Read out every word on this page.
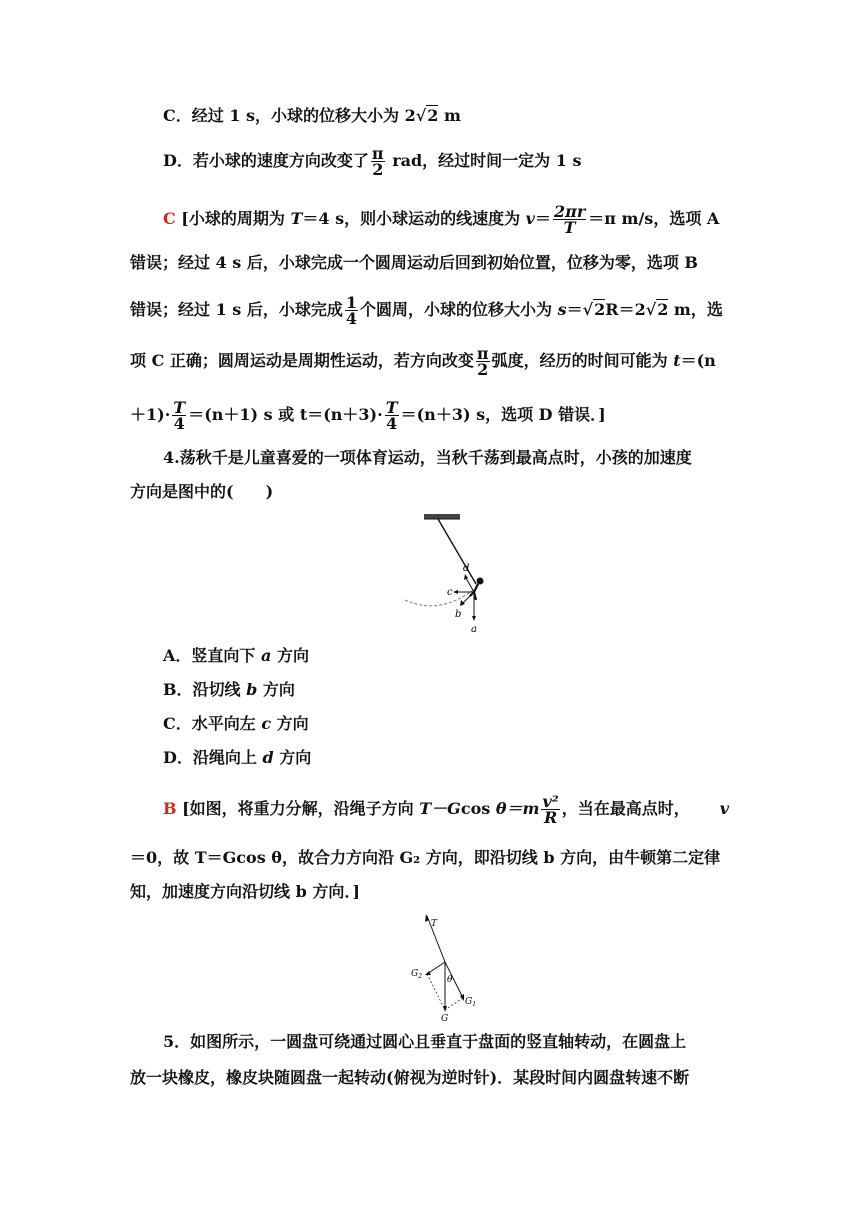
C．经过 1 s，小球的位移大小为 2√2 m
D．若小球的速度方向改变了 $\frac{\pi}{2}$ rad，经过时间一定为 1 s
C [小球的周期为 T＝4 s，则小球运动的线速度为 $v= \frac{2\pi r}{T} =\pi$ m/s，选项 A
错误；经过 4 s 后，小球完成一个圆周运动后回到初始位置，位移为零，选项 B
错误；经过 1 s 后，小球完成 $\frac{1}{4}$ 个圆周，小球的位移大小为 s＝√2R＝2√2 m，选
项 C 正确；圆周运动是周期性运动，若方向改变 $\frac{\pi}{2}$ 弧度，经历的时间可能为 t＝(n
$+1)\cdot \frac{T}{4} =(n+1)$ s 或 $t=(n+3)\cdot \frac{T}{4} =(n+3)$ s，选项 D 错误．]
4.荡秋千是儿童喜爱的一项体育运动，当秋千荡到最高点时，小孩的加速度
方向是图中的(　　)
d
c
b
a
A．竖直向下 a 方向
B．沿切线 b 方向
C．水平向左 c 方向
D．沿绳向上 d 方向
B [如图，将重力分解，沿绳子方向 T－Gcos $\theta=m \frac{\text{v²}}{R}$ ，当在最高点时， v
＝0，故 T＝Gcos θ，故合力方向沿 G₂ 方向，即沿切线 b 方向，由牛顿第二定律
知，加速度方向沿切线 b 方向．]
T
$G_2$	θ
$G_1$
G
5．如图所示，一圆盘可绕通过圆心且垂直于盘面的竖直轴转动，在圆盘上
放一块橡皮，橡皮块随圆盘一起转动(俯视为逆时针)．某段时间内圆盘转速不断
